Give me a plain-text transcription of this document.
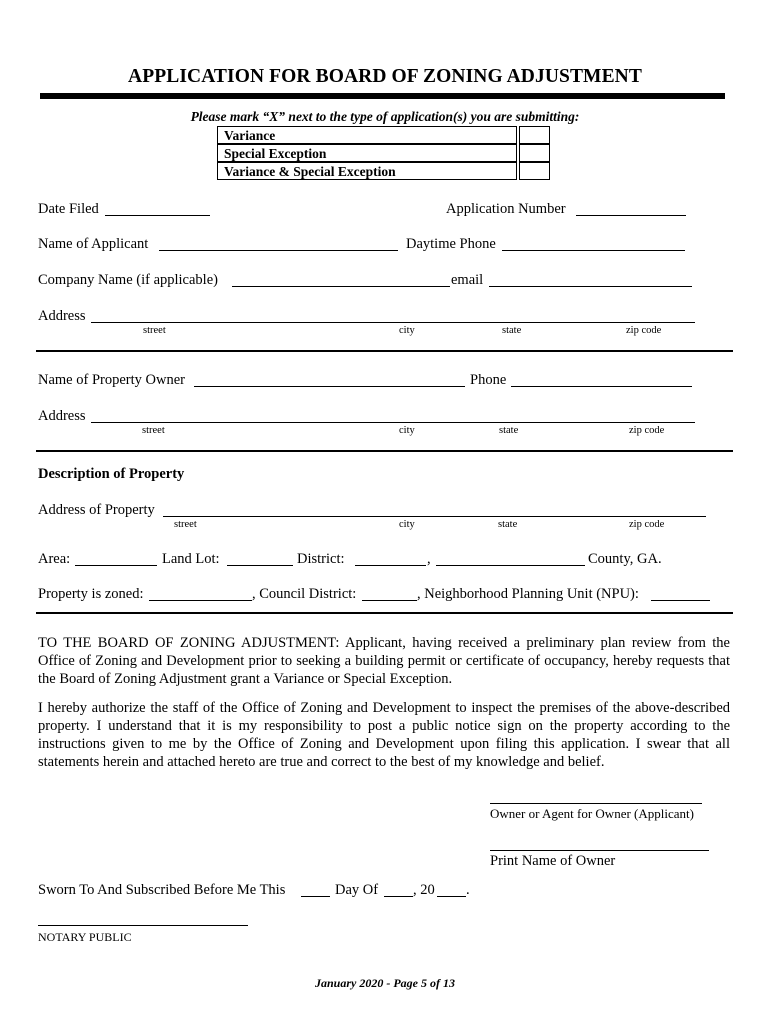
APPLICATION FOR BOARD OF ZONING ADJUSTMENT
Please mark “X” next to the type of application(s) you are submitting:
Variance
Special Exception
Variance & Special Exception
Date Filed	Application Number
Name of Applicant	Daytime Phone
Company Name (if applicable)	email
Address
street	city	state	zip code
Name of Property Owner	Phone
Address
street	city	state	zip code
Description of Property
Address of Property
street	city	state	zip code
Area:	Land Lot:	District:	,	County, GA.
Property is zoned:	, Council District:	, Neighborhood Planning Unit (NPU):
TO THE BOARD OF ZONING ADJUSTMENT: Applicant, having received a preliminary plan review from the Office of Zoning and Development prior to seeking a building permit or certificate of occupancy, hereby requests that the Board of Zoning Adjustment grant a Variance or Special Exception.
I hereby authorize the staff of the Office of Zoning and Development to inspect the premises of the above-described property. I understand that it is my responsibility to post a public notice sign on the property according to the instructions given to me by the Office of Zoning and Development upon filing this application. I swear that all statements herein and attached hereto are true and correct to the best of my knowledge and belief.
Owner or Agent for Owner (Applicant)
Print Name of Owner
Sworn To And Subscribed Before Me This	Day Of , 20 .
NOTARY PUBLIC
January 2020 - Page 5 of 13
